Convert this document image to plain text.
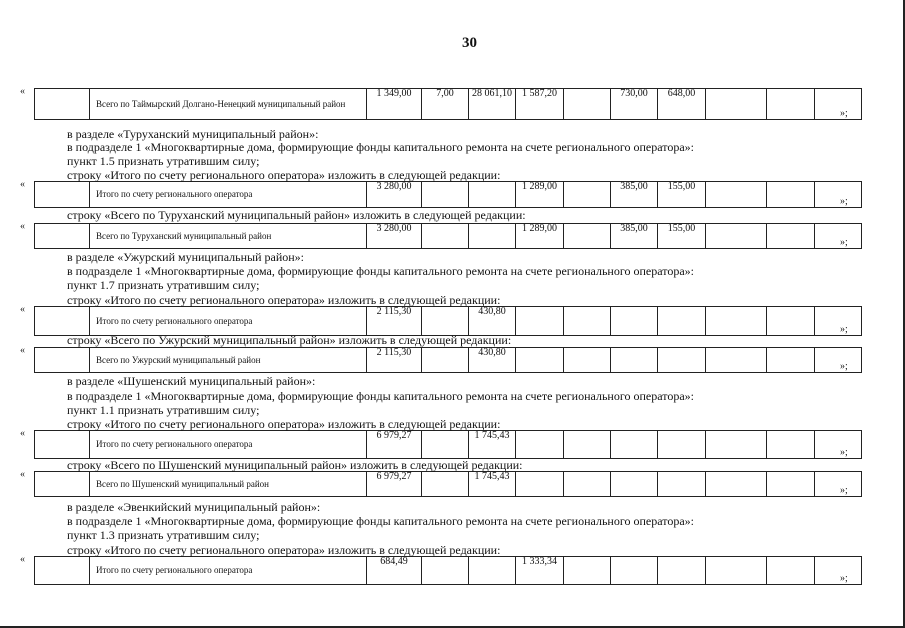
30
«
	Всего по Таймырский Долгано-Ненецкий муниципальный район	1 349,00	7,00	28 061,10	1 587,20		730,00	648,00			
»;
«
	Итого по счету регионального оператора	3 280,00			1 289,00		385,00	155,00			
»;
«
	Всего по Туруханский муниципальный район	3 280,00			1 289,00		385,00	155,00			
»;
«
	Итого по счету регионального оператора	2 115,30		430,80							
»;
«
	Всего по Ужурский муниципальный район	2 115,30		430,80							
»;
«
	Итого по счету регионального оператора	6 979,27		1 745,43							
»;
«
	Всего по Шушенский муниципальный район	6 979,27		1 745,43							
»;
«
	Итого по счету регионального оператора	684,49			1 333,34						
»;
в разделе «Туруханский муниципальный район»:
в подразделе 1 «Многоквартирные дома, формирующие фонды капитального ремонта на счете регионального оператора»:
пункт 1.5 признать утратившим силу;
строку «Итого по счету регионального оператора» изложить в следующей редакции:
строку «Всего по Туруханский муниципальный район» изложить в следующей редакции:
в разделе «Ужурский муниципальный район»:
в подразделе 1 «Многоквартирные дома, формирующие фонды капитального ремонта на счете регионального оператора»:
пункт 1.7 признать утратившим силу;
строку «Итого по счету регионального оператора» изложить в следующей редакции:
строку «Всего по Ужурский муниципальный район» изложить в следующей редакции:
в разделе «Шушенский муниципальный район»:
в подразделе 1 «Многоквартирные дома, формирующие фонды капитального ремонта на счете регионального оператора»:
пункт 1.1 признать утратившим силу;
строку «Итого по счету регионального оператора» изложить в следующей редакции:
строку «Всего по Шушенский муниципальный район» изложить в следующей редакции:
в разделе «Эвенкийский муниципальный район»:
в подразделе 1 «Многоквартирные дома, формирующие фонды капитального ремонта на счете регионального оператора»:
пункт 1.3 признать утратившим силу;
строку «Итого по счету регионального оператора» изложить в следующей редакции:
